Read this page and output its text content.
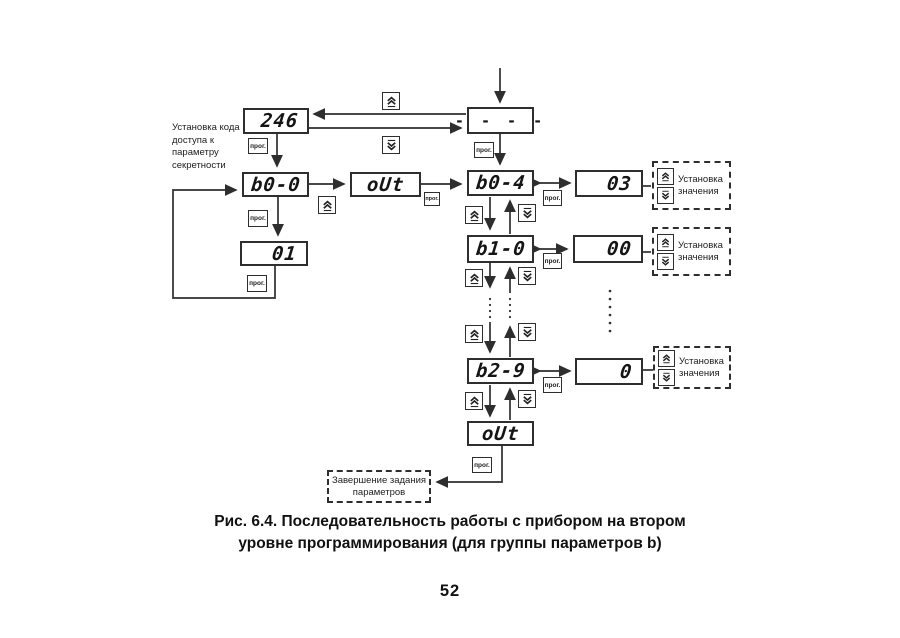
Установка кода
доступа к
параметру
секретности
246	- - - -
b0-0	oUt
01
b0-4	03
b1-0	00
b2-9	0
oUt
прог.
прог.
прог.
прог.
прог.	прог.
прог.
прог.
прог.
Установка
значения
Установка
значения
Установка
значения
Завершение задания
параметров
Рис. 6.4. Последовательность работы с прибором на втором
уровне программирования (для группы параметров b)
52
